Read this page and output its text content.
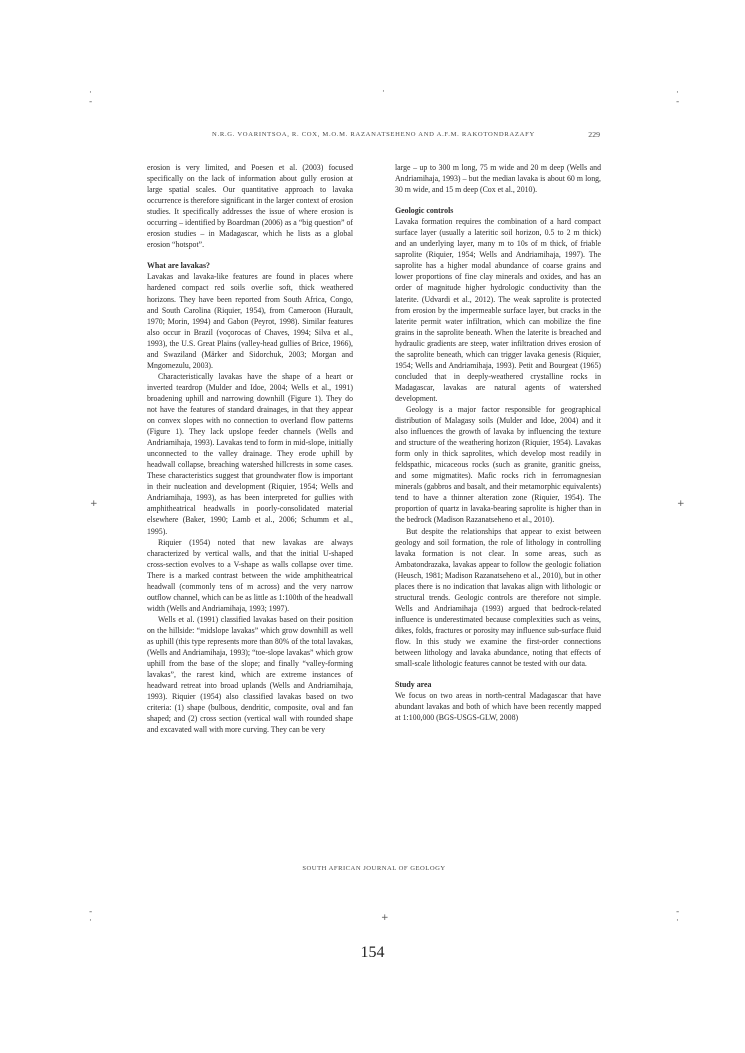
·
-
·	·
-
+	+
-
·	+
-
·
N.R.G. VOARINTSOA, R. COX, M.O.M. RAZANATSEHENO AND A.F.M. RAKOTONDRAZAFY	229

erosion is very limited, and Poesen et al. (2003) focused specifically on the lack of information about gully erosion at large spatial scales. Our quantitative approach to lavaka occurrence is therefore significant in the larger context of erosion studies. It specifically addresses the issue of where erosion is occurring – identified by Boardman (2006) as a “big question” of erosion studies – in Madagascar, which he lists as a global erosion “hotspot”.

What are lavakas?

Lavakas and lavaka-like features are found in places where hardened compact red soils overlie soft, thick weathered horizons. They have been reported from South Africa, Congo, and South Carolina (Riquier, 1954), from Cameroon (Hurault, 1970; Morin, 1994) and Gabon (Peyrot, 1998). Similar features also occur in Brazil (voçorocas of Chaves, 1994; Silva et al., 1993), the U.S. Great Plains (valley-head gullies of Brice, 1966), and Swaziland (Märker and Sidorchuk, 2003; Morgan and Mngomezulu, 2003).

Characteristically lavakas have the shape of a heart or inverted teardrop (Mulder and Idoe, 2004; Wells et al., 1991) broadening uphill and narrowing downhill (Figure 1). They do not have the features of standard drainages, in that they appear on convex slopes with no connection to overland flow patterns (Figure 1). They lack upslope feeder channels (Wells and Andriamihaja, 1993). Lavakas tend to form in mid-slope, initially unconnected to the valley drainage. They erode uphill by headwall collapse, breaching watershed hillcrests in some cases. These characteristics suggest that groundwater flow is important in their nucleation and development (Riquier, 1954; Wells and Andriamihaja, 1993), as has been interpreted for gullies with amphitheatrical headwalls in poorly-consolidated material elsewhere (Baker, 1990; Lamb et al., 2006; Schumm et al., 1995).

Riquier (1954) noted that new lavakas are always characterized by vertical walls, and that the initial U-shaped cross-section evolves to a V-shape as walls collapse over time. There is a marked contrast between the wide amphitheatrical headwall (commonly tens of m across) and the very narrow outflow channel, which can be as little as 1:100th of the headwall width (Wells and Andriamihaja, 1993; 1997).

Wells et al. (1991) classified lavakas based on their position on the hillside: “midslope lavakas” which grow downhill as well as uphill (this type represents more than 80% of the total lavakas, (Wells and Andriamihaja, 1993); “toe-slope lavakas” which grow uphill from the base of the slope; and finally “valley-forming lavakas”, the rarest kind, which are extreme instances of headward retreat into broad uplands (Wells and Andriamihaja, 1993). Riquier (1954) also classified lavakas based on two criteria: (1) shape (bulbous, dendritic, composite, oval and fan shaped; and (2) cross section (vertical wall with rounded shape and excavated wall with more curving. They can be very

large – up to 300 m long, 75 m wide and 20 m deep (Wells and Andriamihaja, 1993) – but the median lavaka is about 60 m long, 30 m wide, and 15 m deep (Cox et al., 2010).

Geologic controls

Lavaka formation requires the combination of a hard compact surface layer (usually a lateritic soil horizon, 0.5 to 2 m thick) and an underlying layer, many m to 10s of m thick, of friable saprolite (Riquier, 1954; Wells and Andriamihaja, 1997). The saprolite has a higher modal abundance of coarse grains and lower proportions of fine clay minerals and oxides, and has an order of magnitude higher hydrologic conductivity than the laterite. (Udvardi et al., 2012). The weak saprolite is protected from erosion by the impermeable surface layer, but cracks in the laterite permit water infiltration, which can mobilize the fine grains in the saprolite beneath. When the laterite is breached and hydraulic gradients are steep, water infiltration drives erosion of the saprolite beneath, which can trigger lavaka genesis (Riquier, 1954; Wells and Andriamihaja, 1993). Petit and Bourgeat (1965) concluded that in deeply-weathered crystalline rocks in Madagascar, lavakas are natural agents of watershed development.

Geology is a major factor responsible for geographical distribution of Malagasy soils (Mulder and Idoe, 2004) and it also influences the growth of lavaka by influencing the texture and structure of the weathering horizon (Riquier, 1954). Lavakas form only in thick saprolites, which develop most readily in feldspathic, micaceous rocks (such as granite, granitic gneiss, and some migmatites). Mafic rocks rich in ferromagnesian minerals (gabbros and basalt, and their metamorphic equivalents) tend to have a thinner alteration zone (Riquier, 1954). The proportion of quartz in lavaka-bearing saprolite is higher than in the bedrock (Madison Razanatseheno et al., 2010).

But despite the relationships that appear to exist between geology and soil formation, the role of lithology in controlling lavaka formation is not clear. In some areas, such as Ambatondrazaka, lavakas appear to follow the geologic foliation (Heusch, 1981; Madison Razanatseheno et al., 2010), but in other places there is no indication that lavakas align with lithologic or structural trends. Geologic controls are therefore not simple. Wells and Andriamihaja (1993) argued that bedrock-related influence is underestimated because complexities such as veins, dikes, folds, fractures or porosity may influence sub-surface fluid flow. In this study we examine the first-order connections between lithology and lavaka abundance, noting that effects of small-scale lithologic features cannot be tested with our data.

Study area

We focus on two areas in north-central Madagascar that have abundant lavakas and both of which have been recently mapped at 1:100,000 (BGS-USGS-GLW, 2008)

SOUTH AFRICAN JOURNAL OF GEOLOGY
154
